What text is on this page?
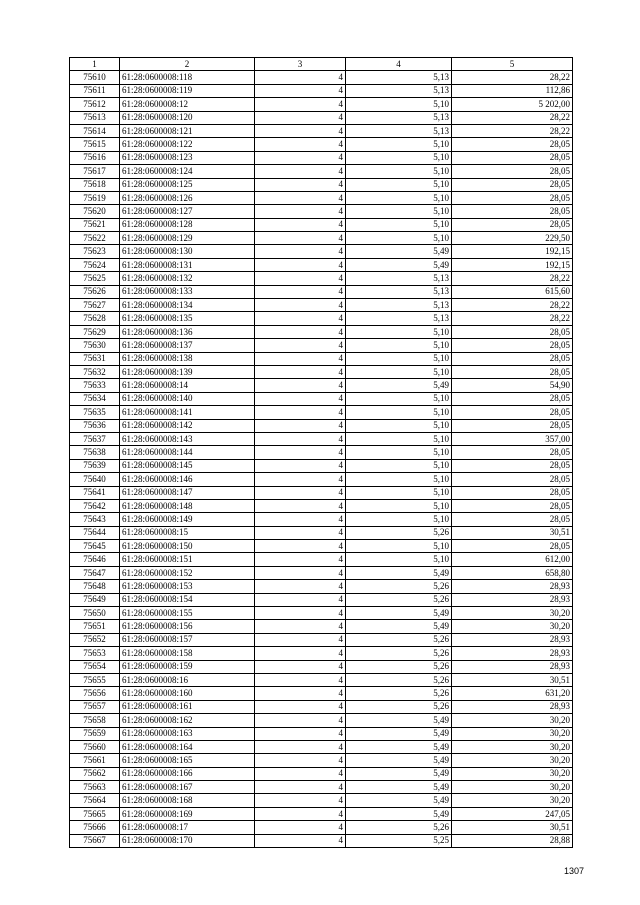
1	2	3	4	5
75610	61:28:0600008:118	4	5,13	28,22
75611	61:28:0600008:119	4	5,13	112,86
75612	61:28:0600008:12	4	5,10	5 202,00
75613	61:28:0600008:120	4	5,13	28,22
75614	61:28:0600008:121	4	5,13	28,22
75615	61:28:0600008:122	4	5,10	28,05
75616	61:28:0600008:123	4	5,10	28,05
75617	61:28:0600008:124	4	5,10	28,05
75618	61:28:0600008:125	4	5,10	28,05
75619	61:28:0600008:126	4	5,10	28,05
75620	61:28:0600008:127	4	5,10	28,05
75621	61:28:0600008:128	4	5,10	28,05
75622	61:28:0600008:129	4	5,10	229,50
75623	61:28:0600008:130	4	5,49	192,15
75624	61:28:0600008:131	4	5,49	192,15
75625	61:28:0600008:132	4	5,13	28,22
75626	61:28:0600008:133	4	5,13	615,60
75627	61:28:0600008:134	4	5,13	28,22
75628	61:28:0600008:135	4	5,13	28,22
75629	61:28:0600008:136	4	5,10	28,05
75630	61:28:0600008:137	4	5,10	28,05
75631	61:28:0600008:138	4	5,10	28,05
75632	61:28:0600008:139	4	5,10	28,05
75633	61:28:0600008:14	4	5,49	54,90
75634	61:28:0600008:140	4	5,10	28,05
75635	61:28:0600008:141	4	5,10	28,05
75636	61:28:0600008:142	4	5,10	28,05
75637	61:28:0600008:143	4	5,10	357,00
75638	61:28:0600008:144	4	5,10	28,05
75639	61:28:0600008:145	4	5,10	28,05
75640	61:28:0600008:146	4	5,10	28,05
75641	61:28:0600008:147	4	5,10	28,05
75642	61:28:0600008:148	4	5,10	28,05
75643	61:28:0600008:149	4	5,10	28,05
75644	61:28:0600008:15	4	5,26	30,51
75645	61:28:0600008:150	4	5,10	28,05
75646	61:28:0600008:151	4	5,10	612,00
75647	61:28:0600008:152	4	5,49	658,80
75648	61:28:0600008:153	4	5,26	28,93
75649	61:28:0600008:154	4	5,26	28,93
75650	61:28:0600008:155	4	5,49	30,20
75651	61:28:0600008:156	4	5,49	30,20
75652	61:28:0600008:157	4	5,26	28,93
75653	61:28:0600008:158	4	5,26	28,93
75654	61:28:0600008:159	4	5,26	28,93
75655	61:28:0600008:16	4	5,26	30,51
75656	61:28:0600008:160	4	5,26	631,20
75657	61:28:0600008:161	4	5,26	28,93
75658	61:28:0600008:162	4	5,49	30,20
75659	61:28:0600008:163	4	5,49	30,20
75660	61:28:0600008:164	4	5,49	30,20
75661	61:28:0600008:165	4	5,49	30,20
75662	61:28:0600008:166	4	5,49	30,20
75663	61:28:0600008:167	4	5,49	30,20
75664	61:28:0600008:168	4	5,49	30,20
75665	61:28:0600008:169	4	5,49	247,05
75666	61:28:0600008:17	4	5,26	30,51
75667	61:28:0600008:170	4	5,25	28,88
1307
